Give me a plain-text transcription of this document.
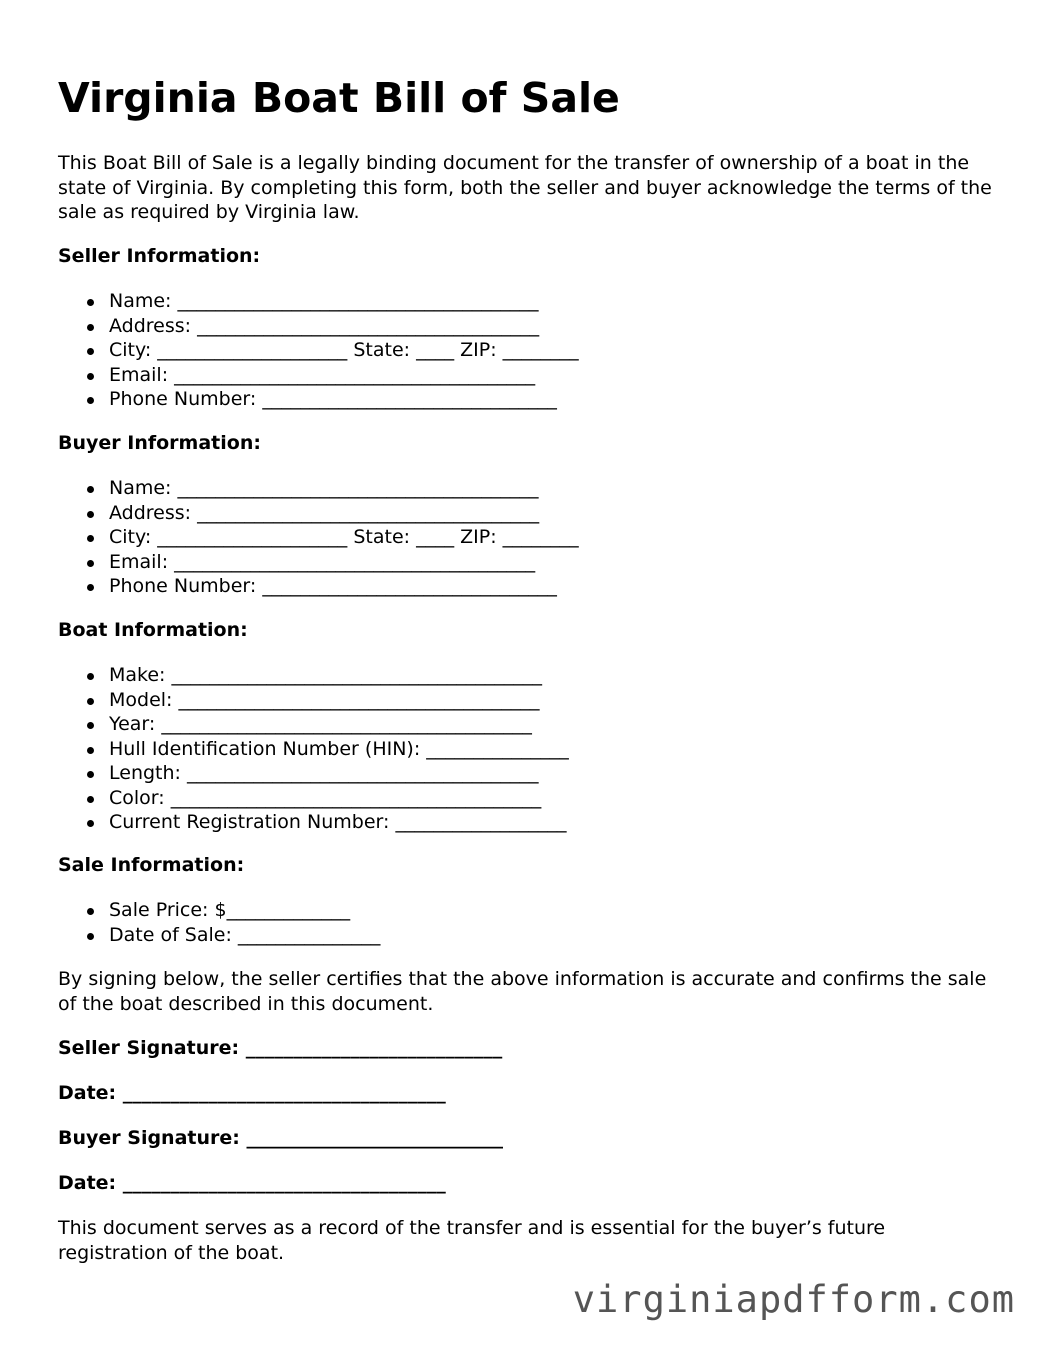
Virginia Boat Bill of Sale

This Boat Bill of Sale is a legally binding document for the transfer of ownership of a boat in the state of Virginia. By completing this form, both the seller and buyer acknowledge the terms of the sale as required by Virginia law.

Seller Information:
Name: ______________________________________
Address: ____________________________________
City: ____________________ State: ____ ZIP: ________
Email: ______________________________________
Phone Number: _______________________________
Buyer Information:
Name: ______________________________________
Address: ____________________________________
City: ____________________ State: ____ ZIP: ________
Email: ______________________________________
Phone Number: _______________________________
Boat Information:
Make: _______________________________________
Model: ______________________________________
Year: _______________________________________
Hull Identification Number (HIN): _______________
Length: _____________________________________
Color: _______________________________________
Current Registration Number: __________________
Sale Information:
Sale Price: $_____________
Date of Sale: _______________

By signing below, the seller certifies that the above information is accurate and confirms the sale of the boat described in this document.

Seller Signature: ___________________________

Date: __________________________________

Buyer Signature: ___________________________

Date: __________________________________

This document serves as a record of the transfer and is essential for the buyer’s future registration of the boat.

virginiapdfform.com
